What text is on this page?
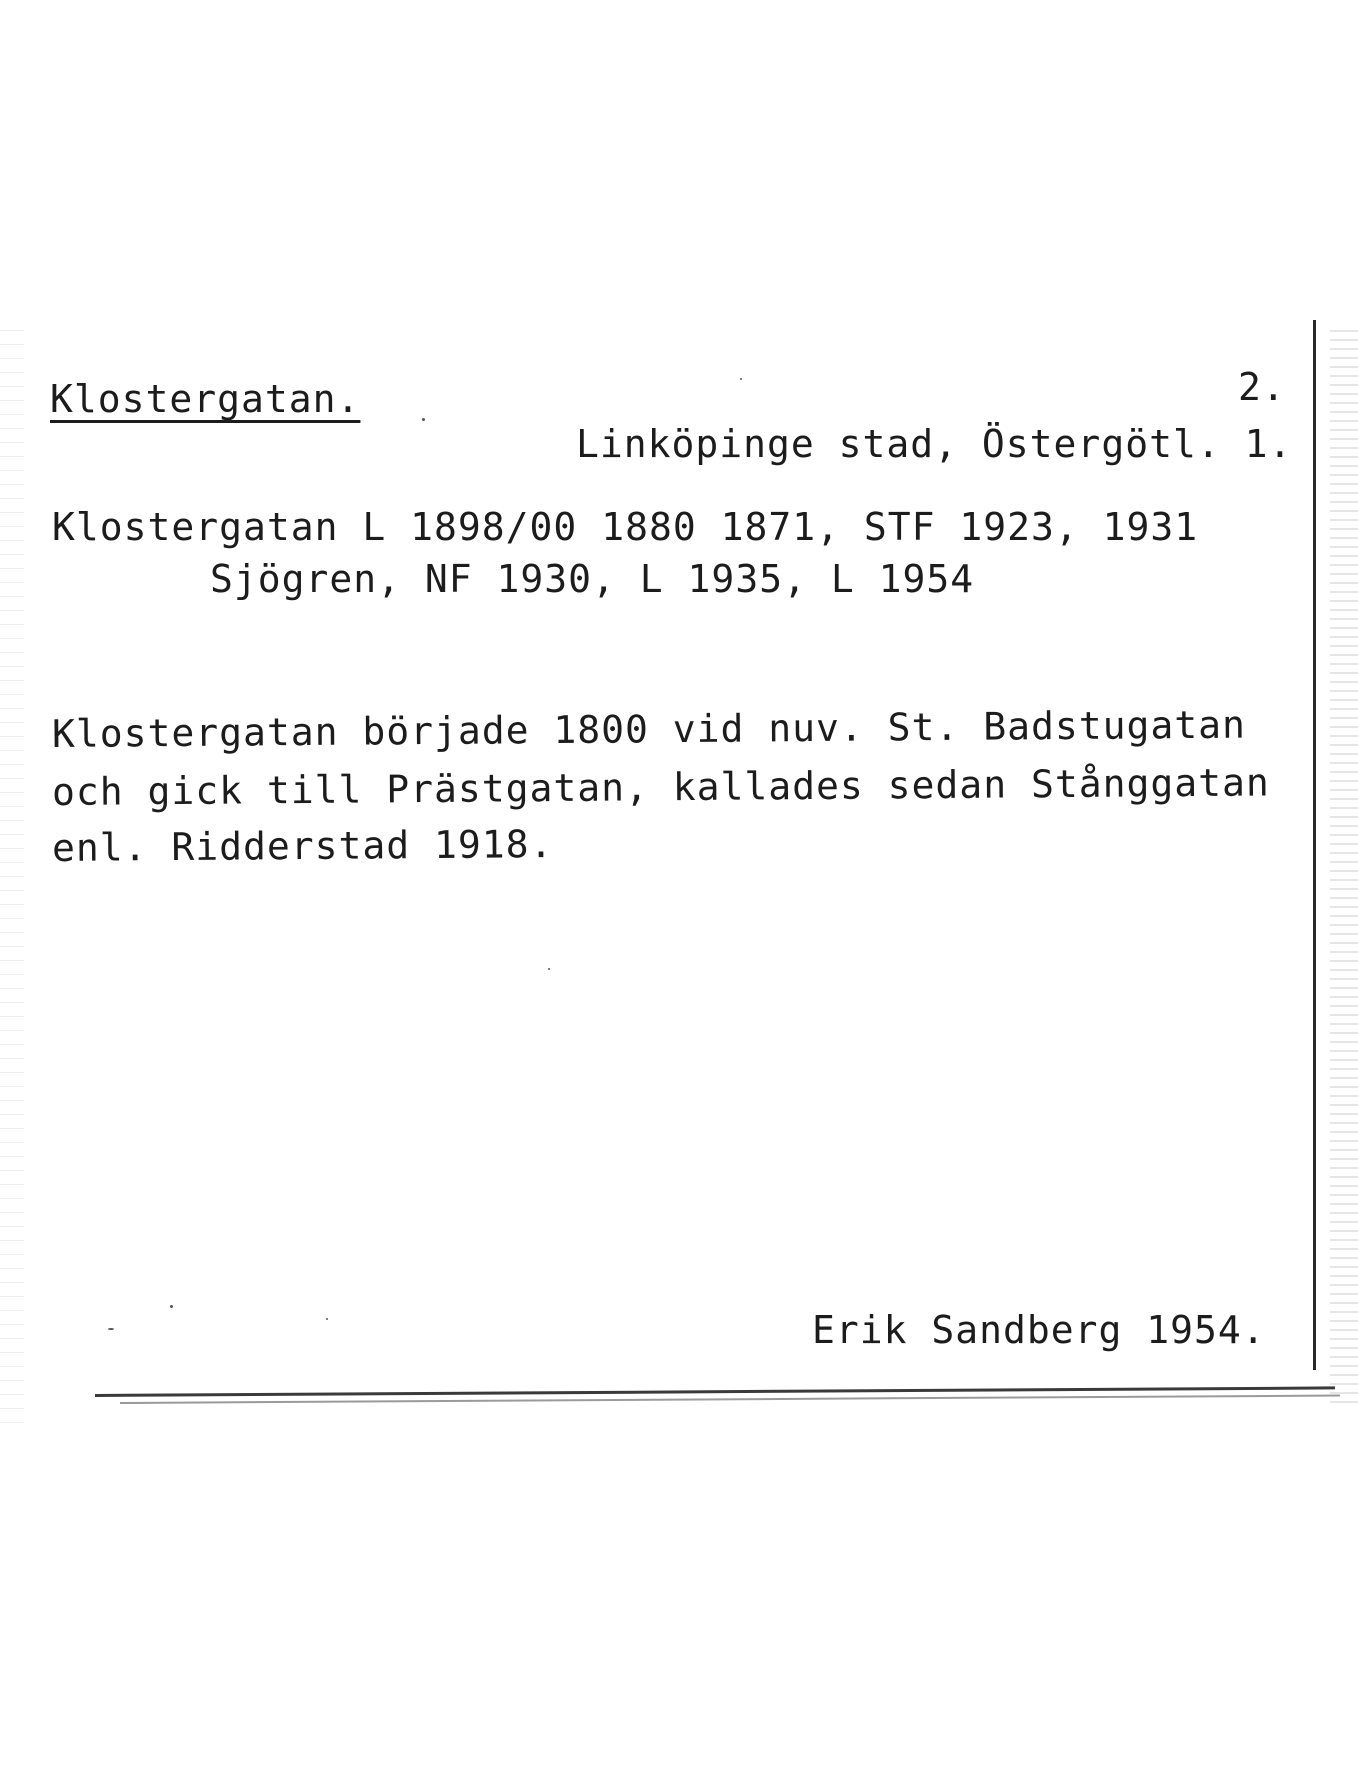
Klostergatan.	2.
Linköpinge stad, Östergötl. 1.
Klostergatan L 1898/00 1880 1871, STF 1923, 1931
Sjögren, NF 1930, L 1935, L 1954
Klostergatan började 1800 vid nuv. St. Badstugatan
och gick till Prästgatan, kallades sedan Stånggatan
enl. Ridderstad 1918.
Erik Sandberg 1954.
